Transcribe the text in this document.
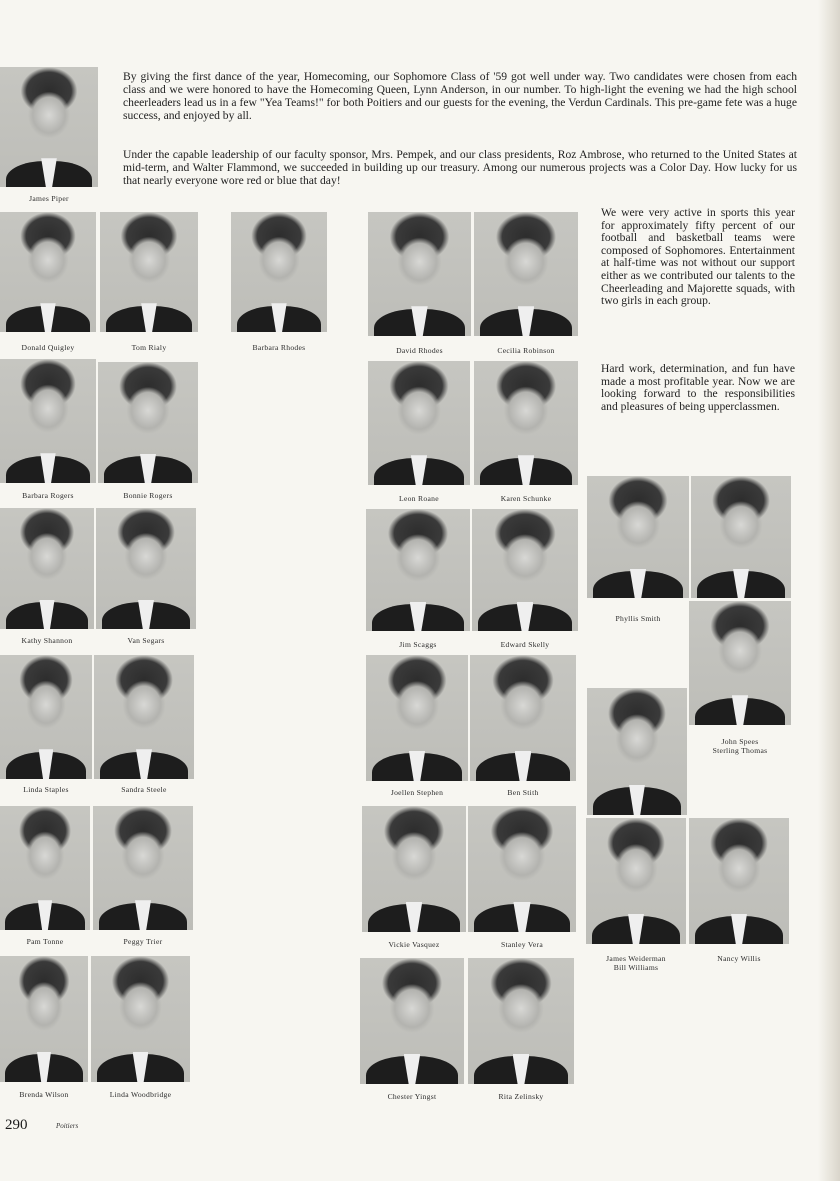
By giving the first dance of the year, Homecoming, our Sophomore Class of '59 got well under way. Two candidates were chosen from each class and we were honored to have the Homecoming Queen, Lynn Anderson, in our number. To high-light the evening we had the high school cheerleaders lead us in a few "Yea Teams!" for both Poitiers and our guests for the evening, the Verdun Cardinals. This pre-game fete was a huge success, and enjoyed by all.

Under the capable leadership of our faculty sponsor, Mrs. Pempek, and our class presidents, Roz Ambrose, who returned to the United States at mid-term, and Walter Flammond, we succeeded in building up our treasury. Among our numerous projects was a Color Day. How lucky for us that nearly everyone wore red or blue that day!

We were very active in sports this year for approximately fifty percent of our football and basketball teams were composed of Sophomores. Entertainment at half-time was not without our support either as we contributed our talents to the Cheerleading and Majorette squads, with two girls in each group.

Hard work, determination, and fun have made a most profitable year. Now we are looking forward to the responsibilities and pleasures of being upperclassmen.

James Piper
Donald Quigley	Tom Rialy	Barbara Rhodes	David Rhodes	Cecilia Robinson
Barbara Rogers	Bonnie Rogers	Leon Roane	Karen Schunke
Kathy Shannon	Van Segars	Jim Scaggs	Edward Skelly
Phyllis Smith
John Spees
Sterling Thomas
Linda Staples	Sandra Steele	Joellen Stephen	Ben Stith
James Weiderman
Bill Williams
Nancy Willis
Pam Tonne	Peggy Trier	Vickie Vasquez	Stanley Vera
Brenda Wilson	Linda Woodbridge	Chester Yingst	Rita Zelinsky
290	Poitiers
